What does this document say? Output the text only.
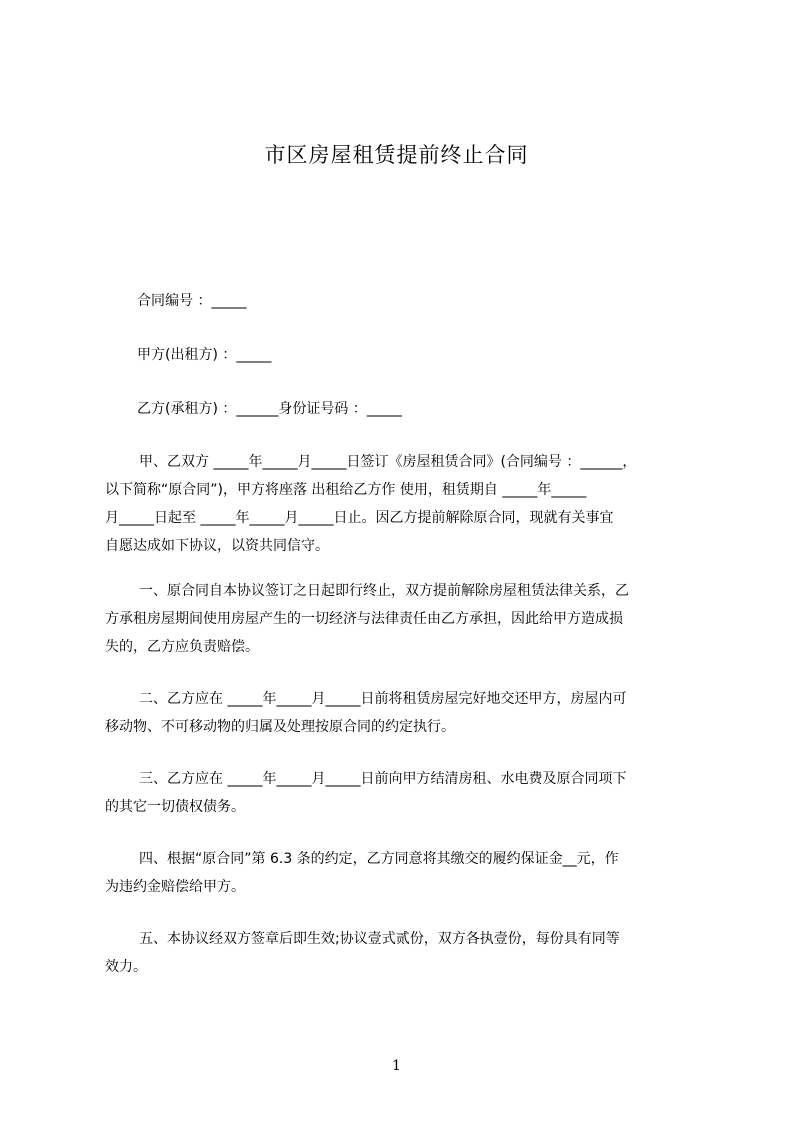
市区房屋租赁提前终止合同
合同编号 ：_____
甲方(出租方) ：_____
乙方(承租方) ：______身份证号码 ：_____
甲、乙双方 _____年_____月_____日签订《房屋租赁合同》(合同编号 ：______，
以下简称“原合同”)，甲方将座落 出租给乙方作 使用，租赁期自 _____年_____
月_____日起至 _____年_____月_____日止。因乙方提前解除原合同，现就有关事宜
自愿达成如下协议，以资共同信守。
一、原合同自本协议签订之日起即行终止，双方提前解除房屋租赁法律关系，乙
方承租房屋期间使用房屋产生的一切经济与法律责任由乙方承担，因此给甲方造成损
失的，乙方应负责赔偿。
二、乙方应在 _____年_____月_____日前将租赁房屋完好地交还甲方，房屋内可
移动物、不可移动物的归属及处理按原合同的约定执行。
三、乙方应在 _____年_____月_____日前向甲方结清房租、水电费及原合同项下
的其它一切债权债务。
四、根据“原合同”第 6.3 条的约定，乙方同意将其缴交的履约保证金__元，作
为违约金赔偿给甲方。
五、本协议经双方签章后即生效;协议壹式贰份，双方各执壹份，每份具有同等
效力。
1
